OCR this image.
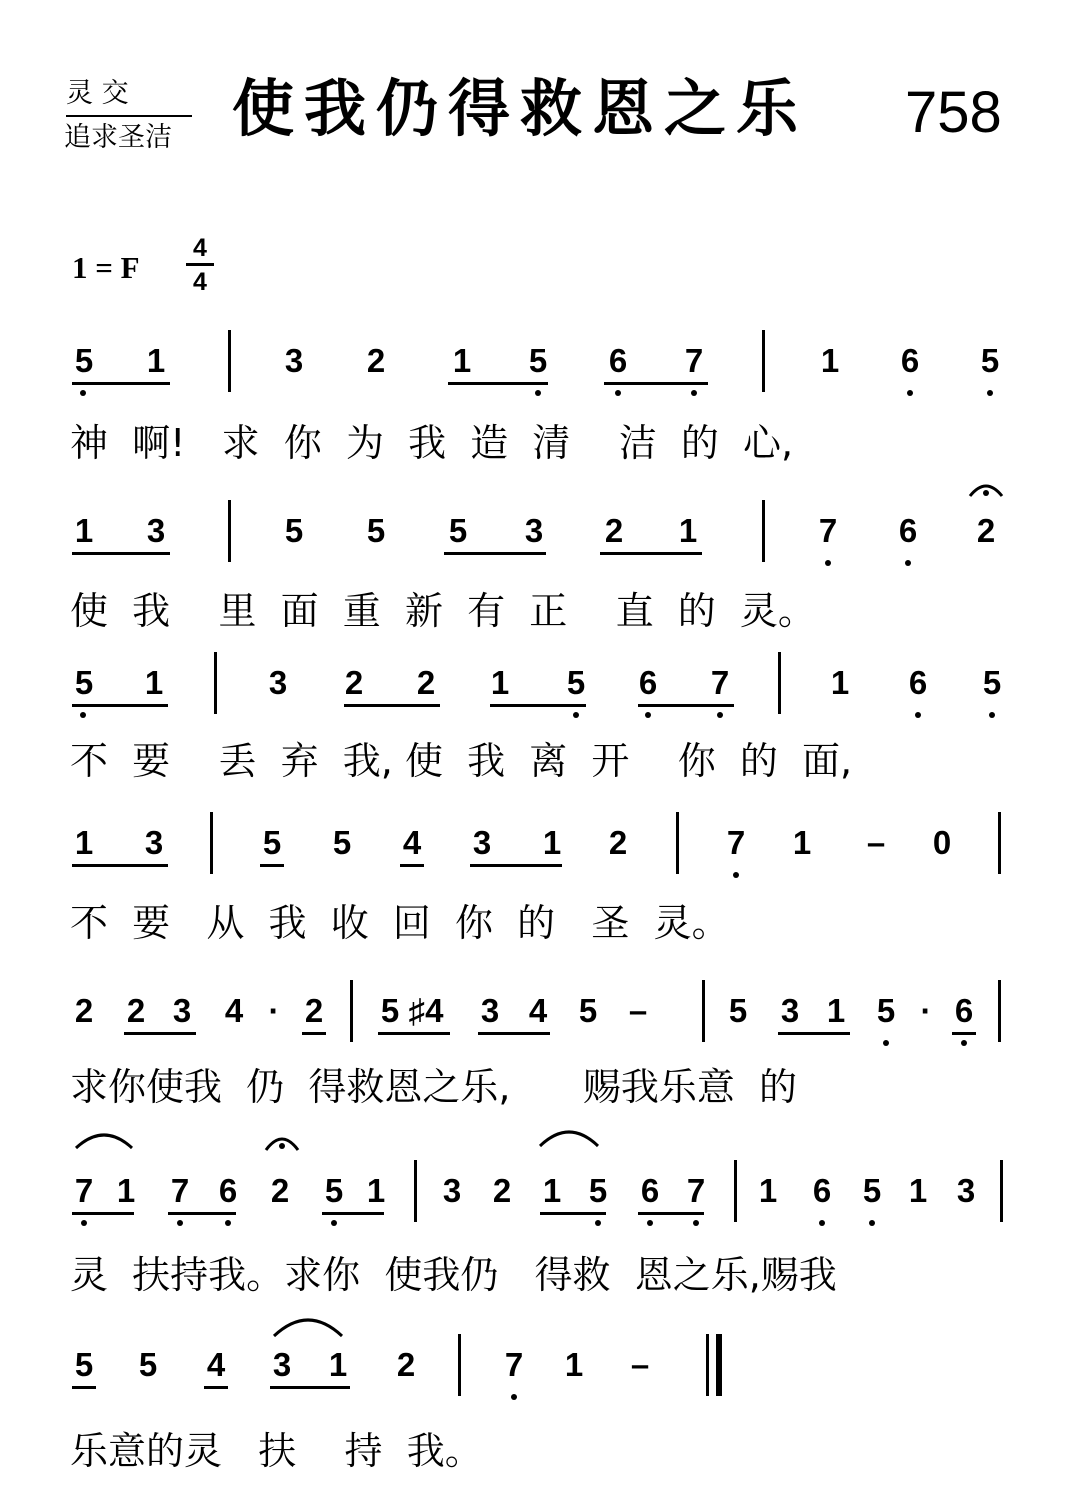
灵 交
追求圣洁 使我仍得救恩之乐 758
1 = F
4
4
5	1	3	2	1	5	6	7	1	6	5
神  啊!   求  你  为  我  造  清    洁  的  心,
1	3	5	5	5	3	2	1	7	6	2
使  我    里  面  重  新  有  正    直  的  灵。
5	1	3	2	2	1	5	6	7	1	6	5
不  要    丢  弃  我, 使  我  离  开    你  的  面,
1	3	5	5	4	3	1	2	7	1	–	0
不  要   从  我  收  回  你  的   圣  灵。
2	2 3	4 · 2	5 ♯4	3 4 5 –	5	3 1 5 · 6
求你使我  仍  得救恩之乐,      赐我乐意  的
7 1	7 6	2	5 1	3 2 1 5	6 7	1	6 5 1 3
灵  扶持我。求你  使我仍   得救  恩之乐,赐我
5	5	4	3	1	2	7	1	–
乐意的灵   扶    持  我。
